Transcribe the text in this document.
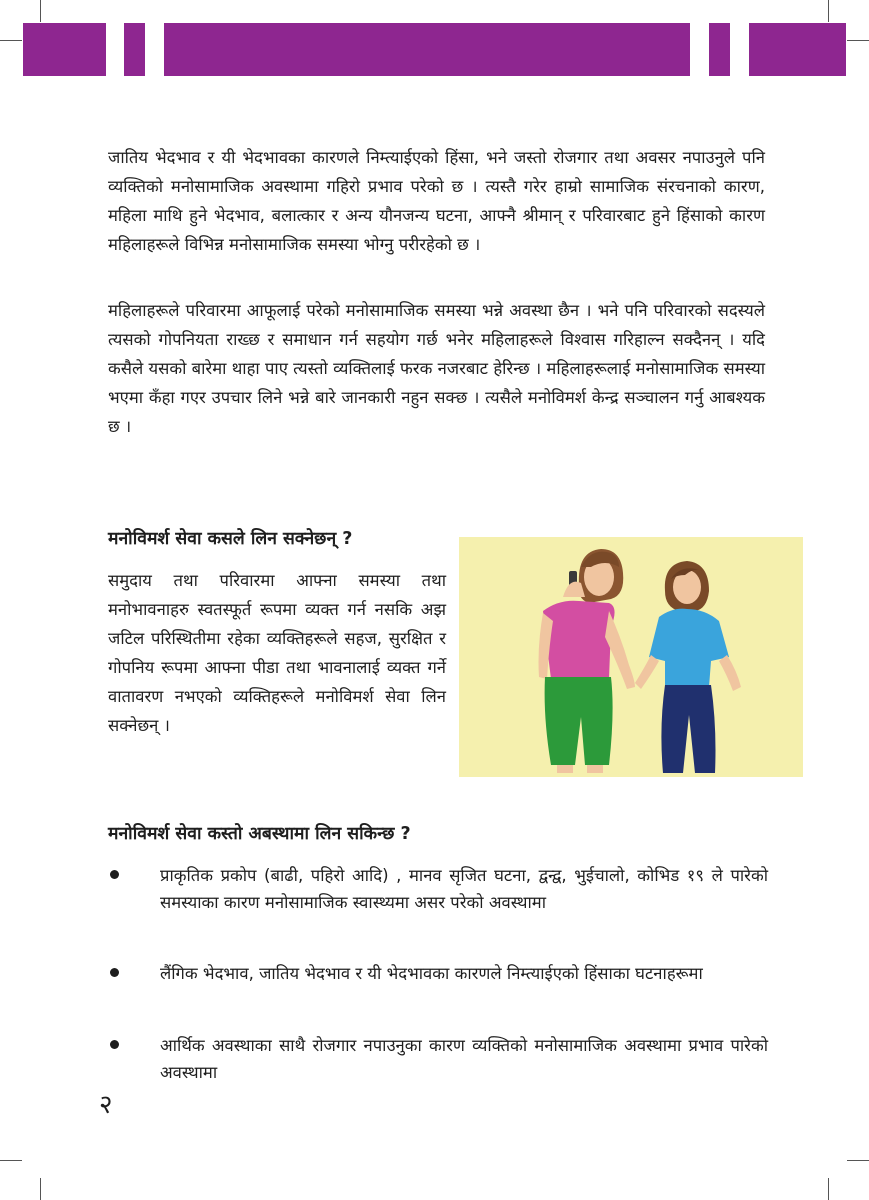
जातिय भेदभाव र यी भेदभावका कारणले निम्त्याईएको हिंसा, भने जस्तो रोजगार तथा अवसर नपाउनुले पनि व्यक्तिको मनोसामाजिक अवस्थामा गहिरो प्रभाव परेको छ । त्यस्तै गरेर हाम्रो सामाजिक संरचनाको कारण, महिला माथि हुने भेदभाव, बलात्कार र अन्य यौनजन्य घटना, आफ्नै श्रीमान् र परिवारबाट हुने हिंसाको कारण महिलाहरूले विभिन्न मनोसामाजिक समस्या भोग्नु परीरहेको छ ।

महिलाहरूले परिवारमा आफूलाई परेको मनोसामाजिक समस्या भन्ने अवस्था छैन । भने पनि परिवारको सदस्यले त्यसको गोपनियता राख्छ र समाधान गर्न सहयोग गर्छ भनेर महिलाहरूले विश्वास गरिहाल्न सक्दैनन् । यदि कसैले यसको बारेमा थाहा पाए त्यस्तो व्यक्तिलाई फरक नजरबाट हेरिन्छ । महिलाहरूलाई मनोसामाजिक समस्या भएमा कँहा गएर उपचार लिने भन्ने बारे जानकारी नहुन सक्छ । त्यसैले मनोविमर्श केन्द्र सञ्चालन गर्नु आबश्यक छ ।

मनोविमर्श सेवा कसले लिन सक्नेछन् ?

समुदाय तथा परिवारमा आफ्ना समस्या तथा मनोभावनाहरु स्वतस्फूर्त रूपमा व्यक्त गर्न नसकि अझ जटिल परिस्थितीमा रहेका व्यक्तिहरूले सहज, सुरक्षित र गोपनिय रूपमा आफ्ना पीडा तथा भावनालाई व्यक्त गर्ने वातावरण नभएको व्यक्तिहरूले मनोविमर्श सेवा लिन सक्नेछन् ।

मनोविमर्श सेवा कस्तो अबस्थामा लिन सकिन्छ ?

प्राकृतिक प्रकोप (बाढी, पहिरो आदि) , मानव सृजित घटना, द्वन्द्व, भुईचालो, कोभिड १९ ले पारेको समस्याका कारण मनोसामाजिक स्वास्थ्यमा असर परेको अवस्थामा

लैंगिक भेदभाव, जातिय भेदभाव र यी भेदभावका कारणले निम्त्याईएको हिंसाका घटनाहरूमा

आर्थिक अवस्थाका साथै रोजगार नपाउनुका कारण व्यक्तिको मनोसामाजिक अवस्थामा प्रभाव पारेको अवस्थामा

२
